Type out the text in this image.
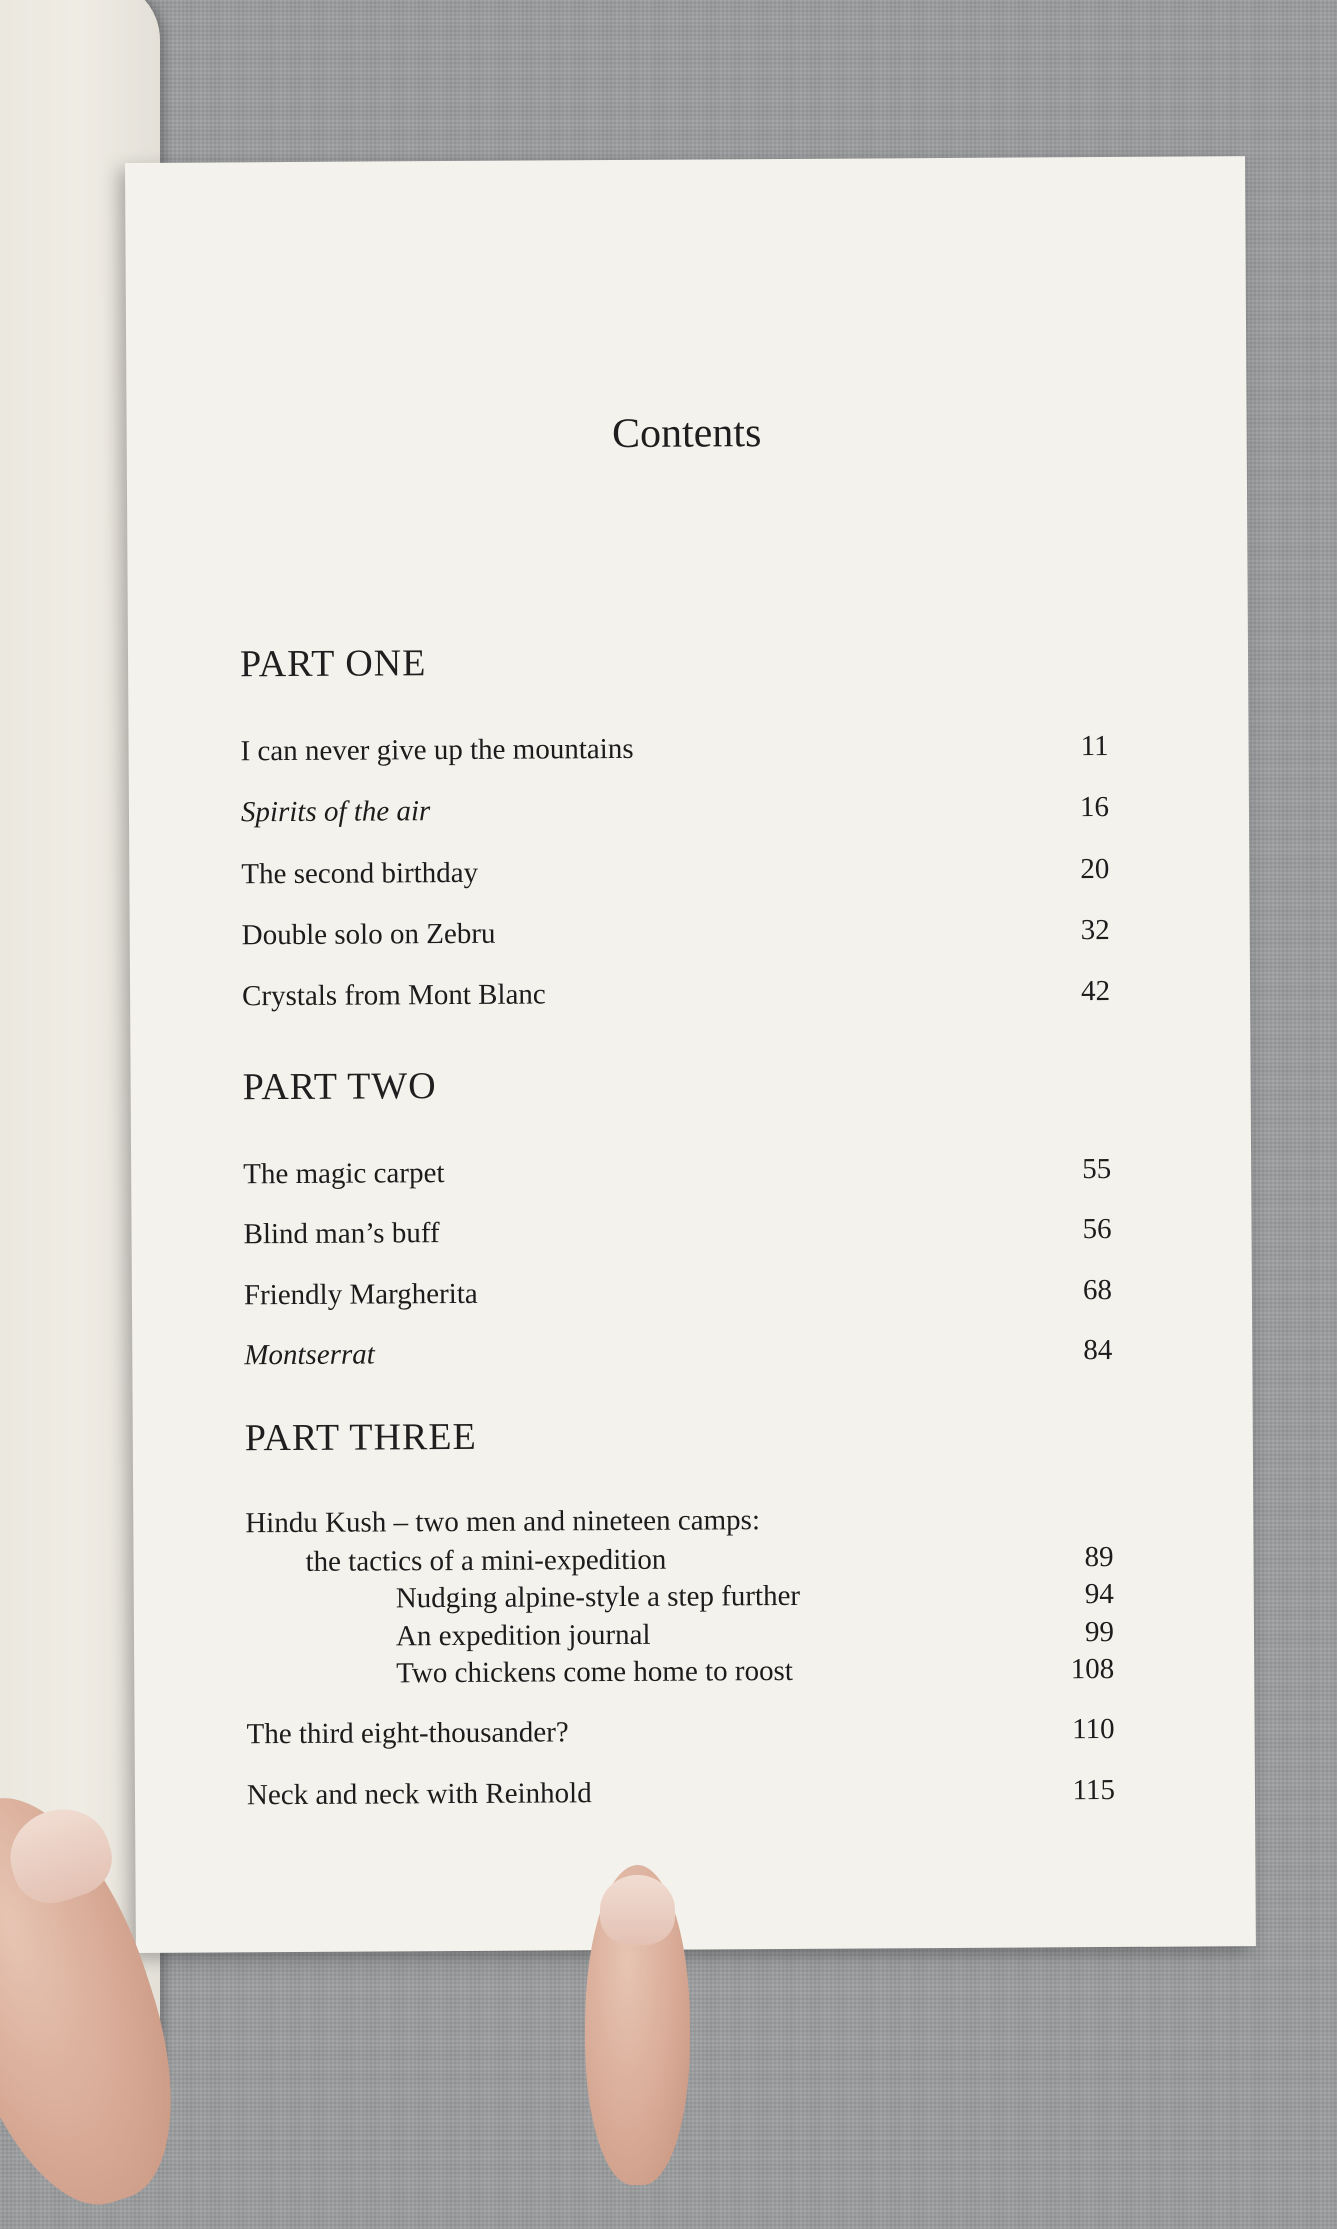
Contents
PART ONE
I can never give up the mountains	11
Spirits of the air	16
The second birthday	20
Double solo on Zebru	32
Crystals from Mont Blanc	42
PART TWO
The magic carpet	55
Blind man’s buff	56
Friendly Margherita	68
Montserrat	84
PART THREE
Hindu Kush – two men and nineteen camps:
the tactics of a mini-expedition	89
Nudging alpine-style a step further	94
An expedition journal	99
Two chickens come home to roost	108
The third eight-thousander?	110
Neck and neck with Reinhold	115
